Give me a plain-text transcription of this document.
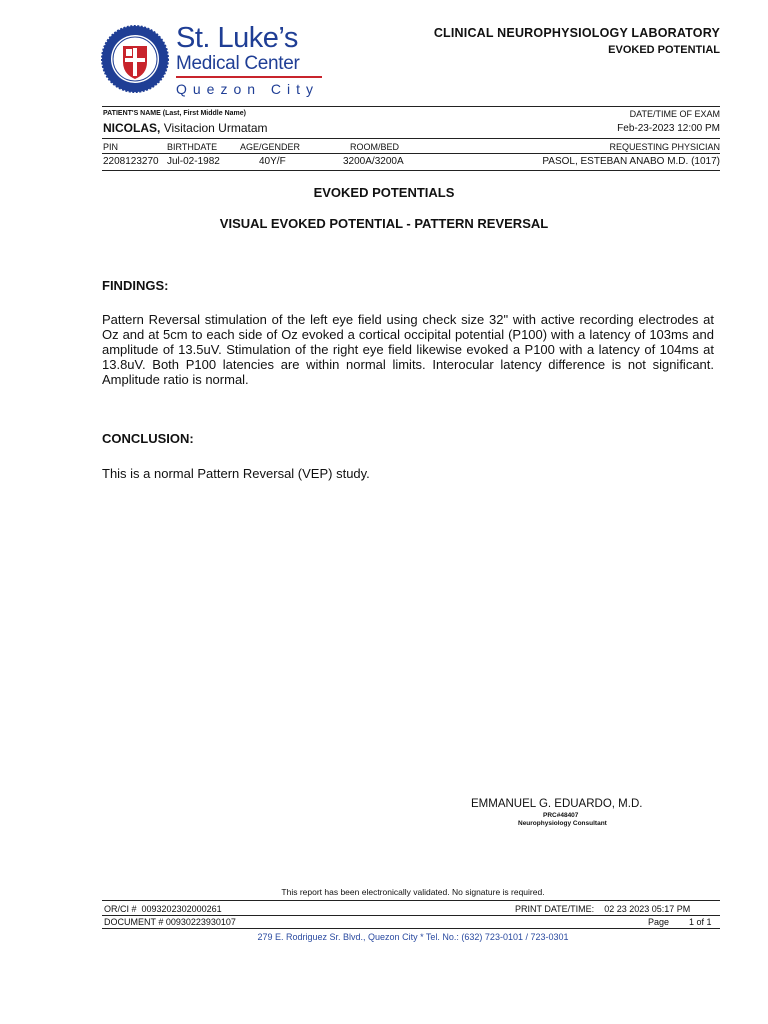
St. Luke’s
Medical Center
Quezon City
CLINICAL NEUROPHYSIOLOGY LABORATORY
EVOKED POTENTIAL
PATIENT'S NAME (Last, First Middle Name)	DATE/TIME OF EXAM
NICOLAS, Visitacion Urmatam	Feb-23-2023 12:00 PM
PIN	BIRTHDATE	AGE/GENDER	ROOM/BED	REQUESTING PHYSICIAN
2208123270 Jul-02-1982	40Y/F	3200A/3200A	PASOL, ESTEBAN ANABO M.D. (1017)
EVOKED POTENTIALS
VISUAL EVOKED POTENTIAL - PATTERN REVERSAL
FINDINGS:
Pattern Reversal stimulation of the left eye field using check size 32" with active recording electrodes at Oz and at 5cm to each side of Oz evoked a cortical occipital potential (P100) with a latency of 103ms and amplitude of 13.5uV. Stimulation of the right eye field likewise evoked a P100 with a latency of 104ms at 13.8uV. Both P100 latencies are within normal limits. Interocular latency difference is not significant. Amplitude ratio is normal.
CONCLUSION:
This is a normal Pattern Reversal (VEP) study.
EMMANUEL G. EDUARDO, M.D.
PRC#48407
Neurophysiology Consultant
This report has been electronically validated. No signature is required.
OR/CI # 0093202302000261	PRINT DATE/TIME: 02 23 2023 05:17 PM
DOCUMENT # 00930223930107	Page 1 of 1
279 E. Rodriguez Sr. Blvd., Quezon City * Tel. No.: (632) 723-0101 / 723-0301
